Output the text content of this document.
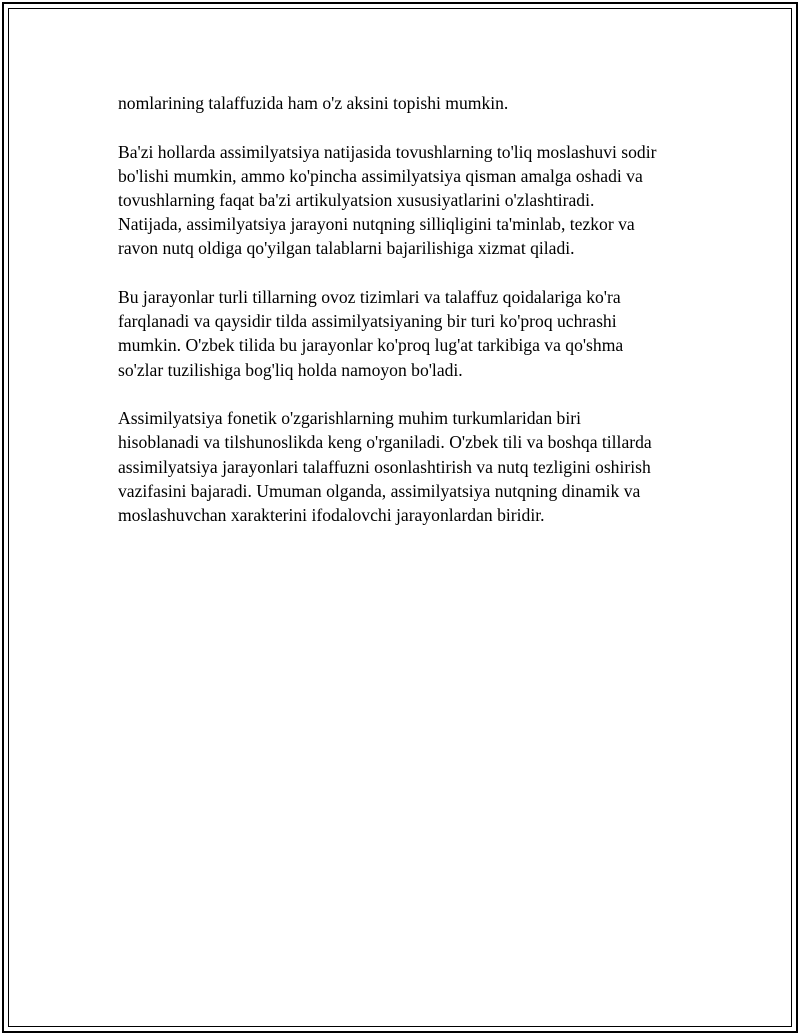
nomlarining talaffuzida ham o'z aksini topishi mumkin.

Ba'zi hollarda assimilyatsiya natijasida tovushlarning to'liq moslashuvi sodir
bo'lishi mumkin, ammo ko'pincha assimilyatsiya qisman amalga oshadi va
tovushlarning faqat ba'zi artikulyatsion xususiyatlarini o'zlashtiradi.
Natijada, assimilyatsiya jarayoni nutqning silliqligini ta'minlab, tezkor va
ravon nutq oldiga qo'yilgan talablarni bajarilishiga xizmat qiladi.

Bu jarayonlar turli tillarning ovoz tizimlari va talaffuz qoidalariga ko'ra
farqlanadi va qaysidir tilda assimilyatsiyaning bir turi ko'proq uchrashi
mumkin. O'zbek tilida bu jarayonlar ko'proq lug'at tarkibiga va qo'shma
so'zlar tuzilishiga bog'liq holda namoyon bo'ladi.

Assimilyatsiya fonetik o'zgarishlarning muhim turkumlaridan biri
hisoblanadi va tilshunoslikda keng o'rganiladi. O'zbek tili va boshqa tillarda
assimilyatsiya jarayonlari talaffuzni osonlashtirish va nutq tezligini oshirish
vazifasini bajaradi. Umuman olganda, assimilyatsiya nutqning dinamik va
moslashuvchan xarakterini ifodalovchi jarayonlardan biridir.
